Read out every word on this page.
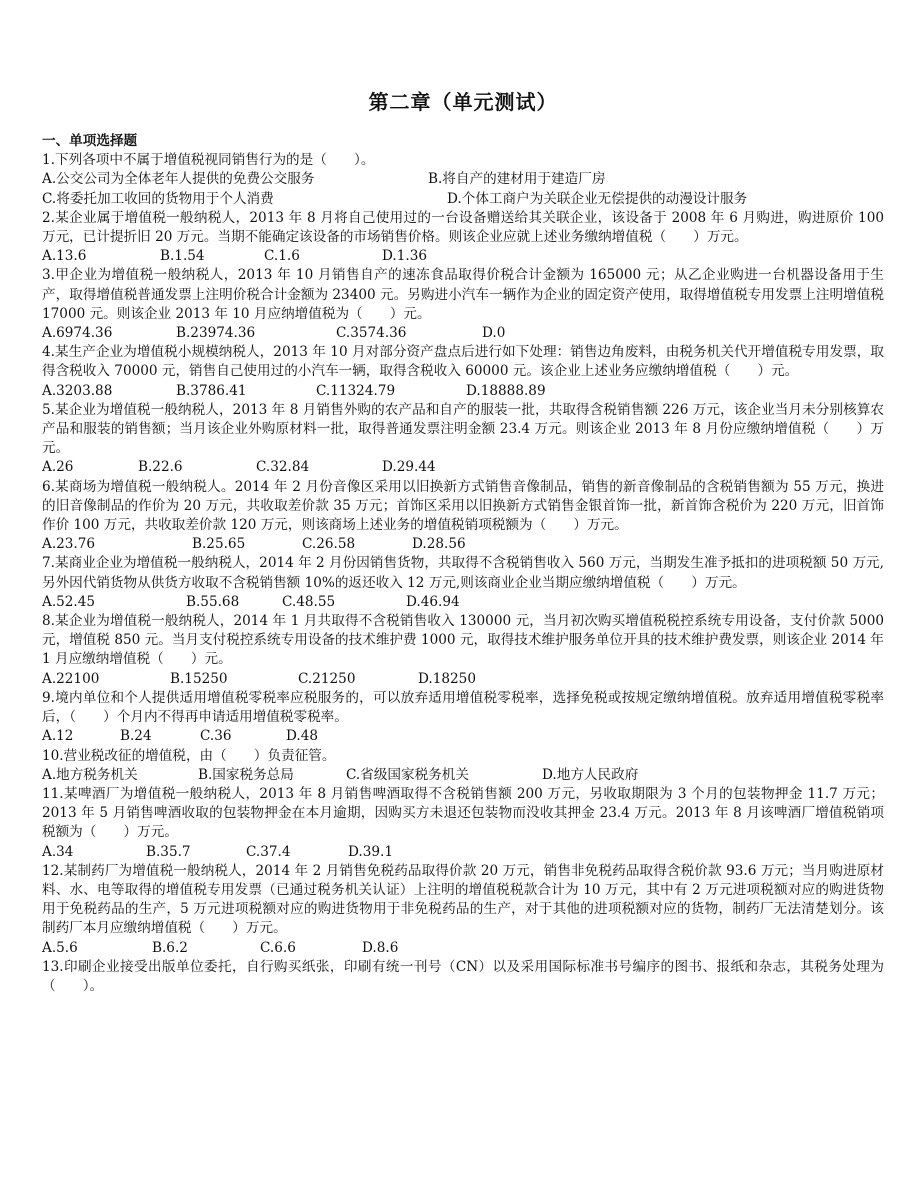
第二章（单元测试）
一、单项选择题
1.下列各项中不属于增值税视同销售行为的是（　　）。
A.公交公司为全体老年人提供的免费公交服务	B.将自产的建材用于建造厂房
C.将委托加工收回的货物用于个人消费	D.个体工商户为关联企业无偿提供的动漫设计服务
2.某企业属于增值税一般纳税人，2013 年 8 月将自己使用过的一台设备赠送给其关联企业，该设备于 2008 年 6 月购进，购进原价 100 万元，已计提折旧 20 万元。当期不能确定该设备的市场销售价格。则该企业应就上述业务缴纳增值税（　　）万元。
A.13.6	B.1.54	C.1.6	D.1.36
3.甲企业为增值税一般纳税人，2013 年 10 月销售自产的速冻食品取得价税合计金额为 165000 元；从乙企业购进一台机器设备用于生产，取得增值税普通发票上注明价税合计金额为 23400 元。另购进小汽车一辆作为企业的固定资产使用，取得增值税专用发票上注明增值税 17000 元。则该企业 2013 年 10 月应纳增值税为（　　）元。
A.6974.36	B.23974.36	C.3574.36	D.0
4.某生产企业为增值税小规模纳税人，2013 年 10 月对部分资产盘点后进行如下处理：销售边角废料，由税务机关代开增值税专用发票，取得含税收入 70000 元，销售自己使用过的小汽车一辆，取得含税收入 60000 元。该企业上述业务应缴纳增值税（　　）元。
A.3203.88	B.3786.41	C.11324.79	D.18888.89
5.某企业为增值税一般纳税人，2013 年 8 月销售外购的农产品和自产的服装一批，共取得含税销售额 226 万元，该企业当月未分别核算农产品和服装的销售额；当月该企业外购原材料一批，取得普通发票注明金额 23.4 万元。则该企业 2013 年 8 月份应缴纳增值税（　　）万元。
A.26	B.22.6	C.32.84	D.29.44
6.某商场为增值税一般纳税人。2014 年 2 月份音像区采用以旧换新方式销售音像制品，销售的新音像制品的含税销售额为 55 万元，换进的旧音像制品的作价为 20 万元，共收取差价款 35 万元；首饰区采用以旧换新方式销售金银首饰一批，新首饰含税价为 220 万元，旧首饰作价 100 万元，共收取差价款 120 万元，则该商场上述业务的增值税销项税额为（　　）万元。
A.23.76	B.25.65	C.26.58	D.28.56
7.某商业企业为增值税一般纳税人，2014 年 2 月份因销售货物，共取得不含税销售收入 560 万元，当期发生准予抵扣的进项税额 50 万元,另外因代销货物从供货方收取不含税销售额 10%的返还收入 12 万元,则该商业企业当期应缴纳增值税（　　）万元。
A.52.45	B.55.68	C.48.55	D.46.94
8.某企业为增值税一般纳税人，2014 年 1 月共取得不含税销售收入 130000 元，当月初次购买增值税税控系统专用设备，支付价款 5000 元，增值税 850 元。当月支付税控系统专用设备的技术维护费 1000 元，取得技术维护服务单位开具的技术维护费发票，则该企业 2014 年 1 月应缴纳增值税（　　）元。
A.22100	B.15250	C.21250	D.18250
9.境内单位和个人提供适用增值税零税率应税服务的，可以放弃适用增值税零税率，选择免税或按规定缴纳增值税。放弃适用增值税零税率后，（　　）个月内不得再申请适用增值税零税率。
A.12	B.24	C.36	D.48
10.营业税改征的增值税，由（　　）负责征管。
A.地方税务机关	B.国家税务总局	C.省级国家税务机关	D.地方人民政府
11.某啤酒厂为增值税一般纳税人，2013 年 8 月销售啤酒取得不含税销售额 200 万元，另收取期限为 3 个月的包装物押金 11.7 万元；2013 年 5 月销售啤酒收取的包装物押金在本月逾期，因购买方未退还包装物而没收其押金 23.4 万元。2013 年 8 月该啤酒厂增值税销项税额为（　　）万元。
A.34	B.35.7	C.37.4	D.39.1
12.某制药厂为增值税一般纳税人，2014 年 2 月销售免税药品取得价款 20 万元，销售非免税药品取得含税价款 93.6 万元；当月购进原材料、水、电等取得的增值税专用发票（已通过税务机关认证）上注明的增值税税款合计为 10 万元，其中有 2 万元进项税额对应的购进货物用于免税药品的生产，5 万元进项税额对应的购进货物用于非免税药品的生产，对于其他的进项税额对应的货物，制药厂无法清楚划分。该制药厂本月应缴纳增值税（　　）万元。
A.5.6	B.6.2	C.6.6	D.8.6
13.印刷企业接受出版单位委托，自行购买纸张，印刷有统一刊号（CN）以及采用国际标准书号编序的图书、报纸和杂志，其税务处理为（　　）。
